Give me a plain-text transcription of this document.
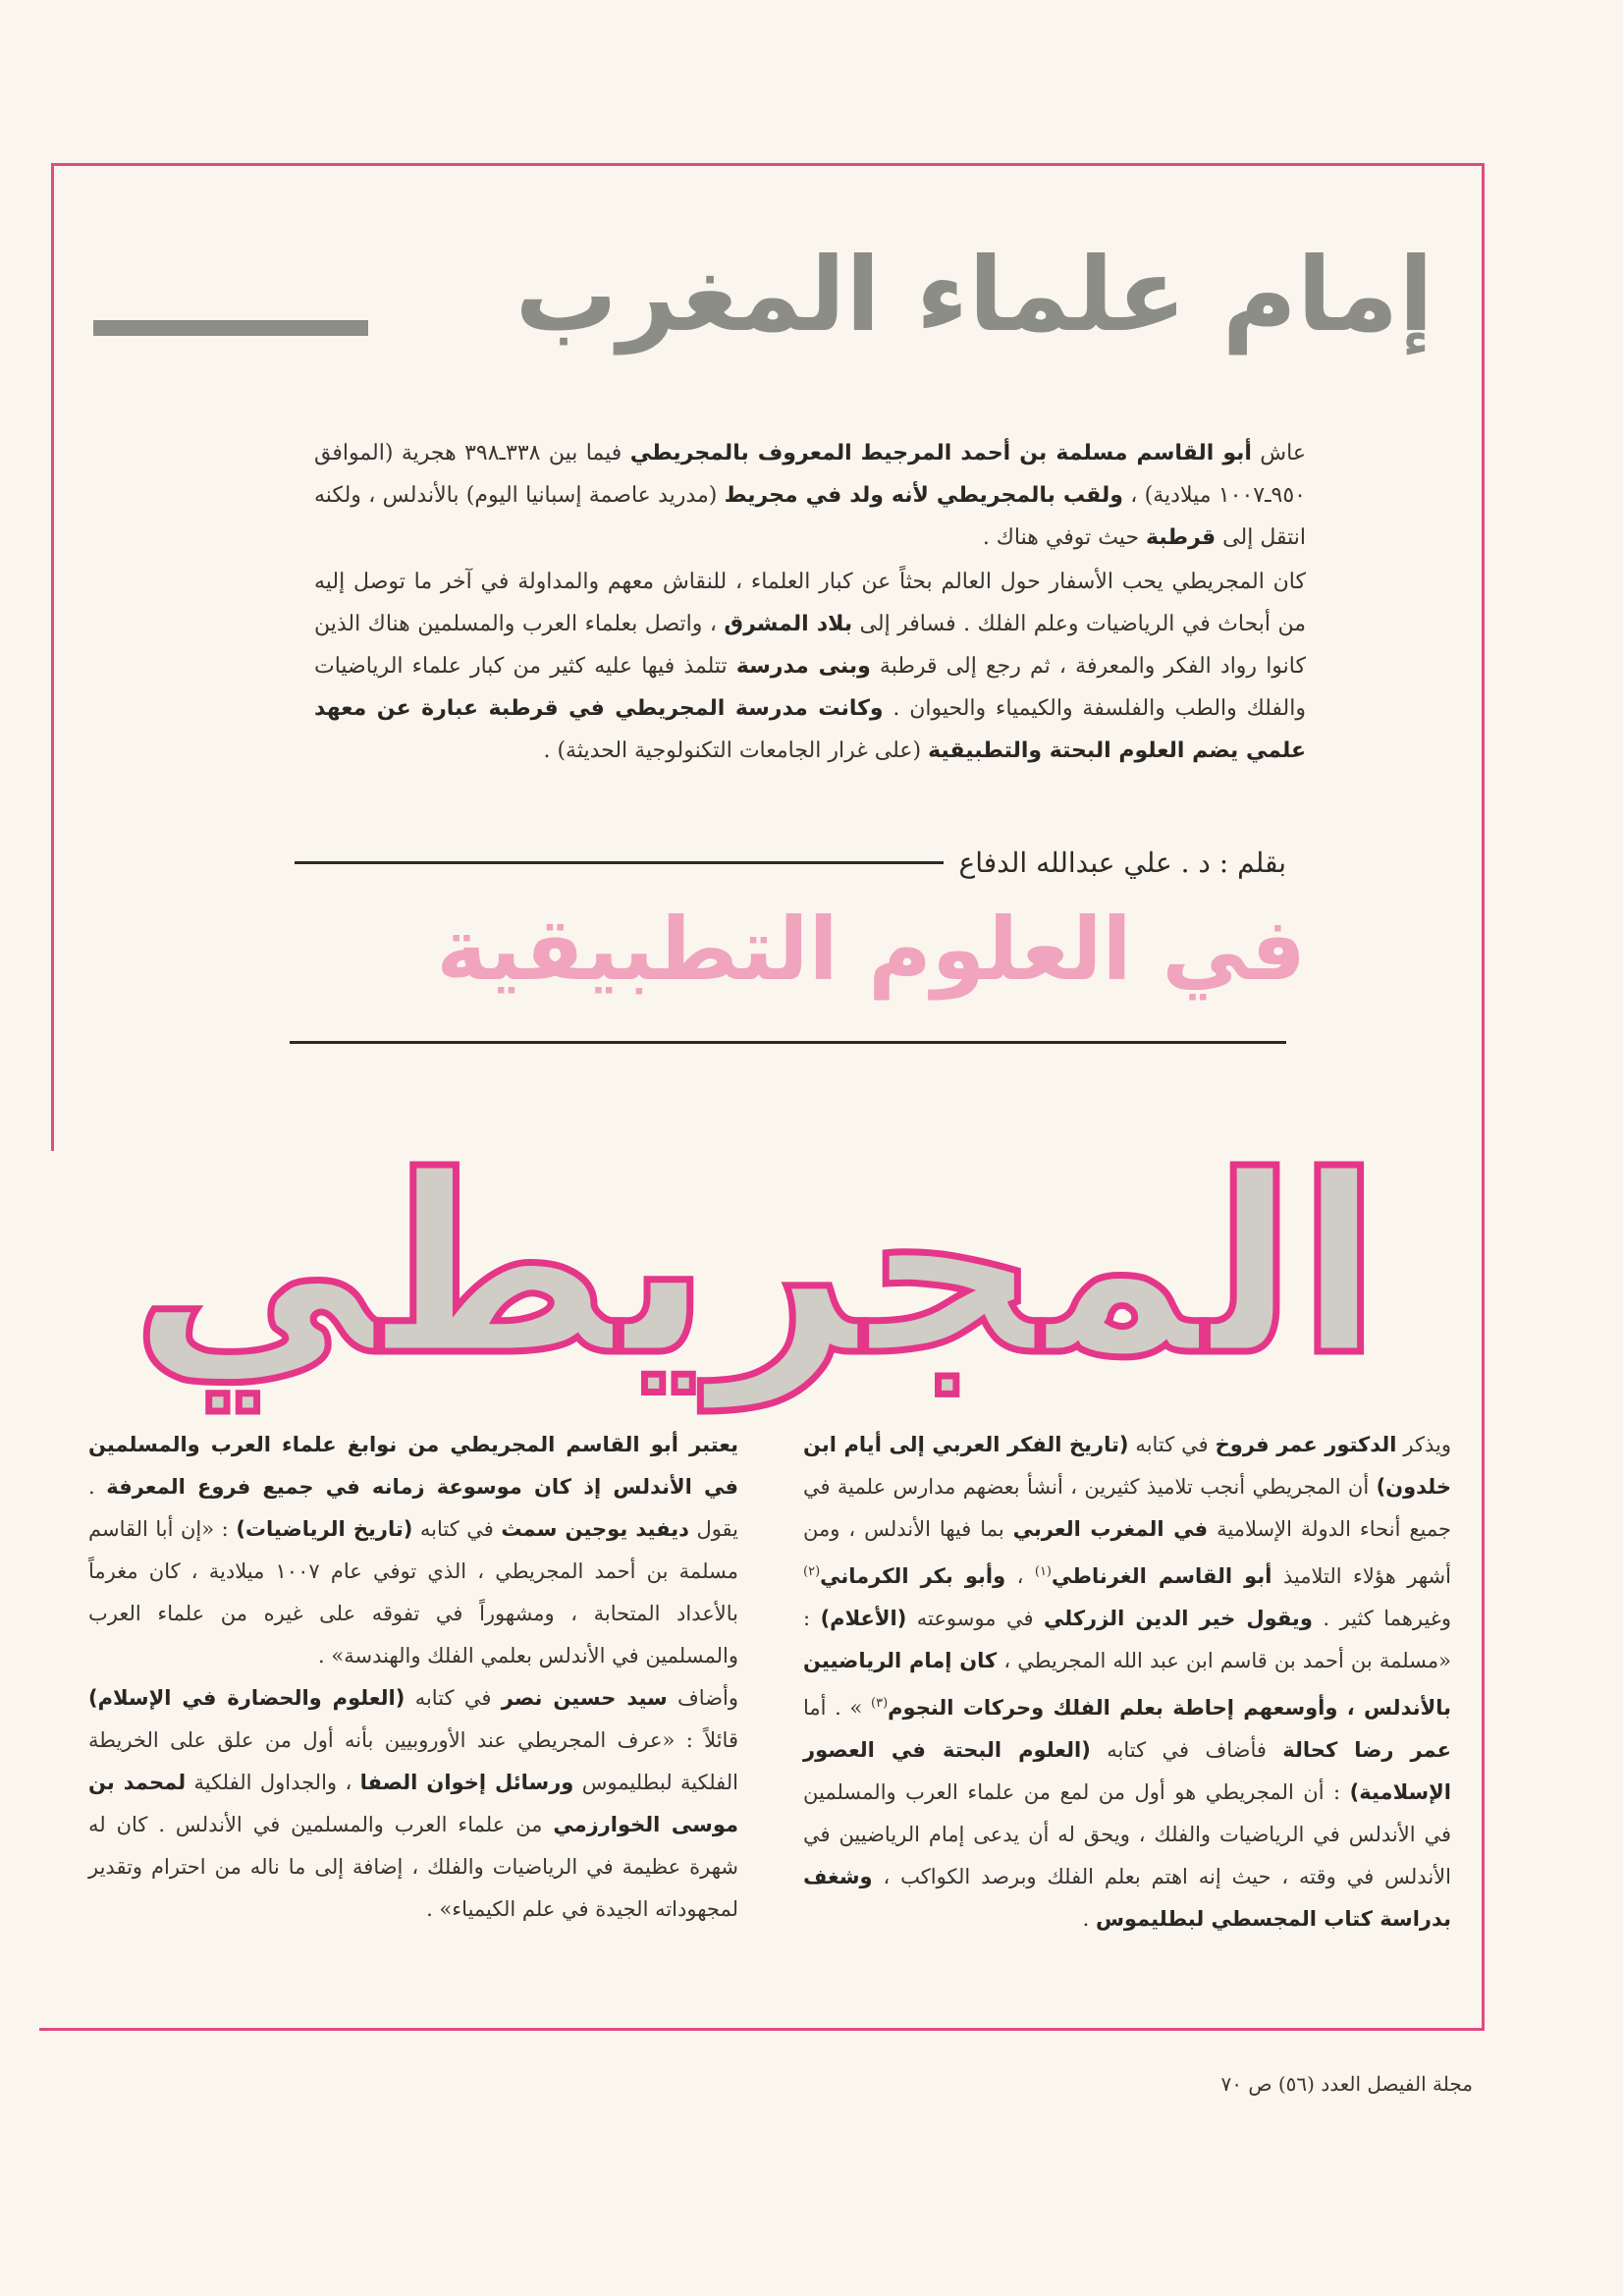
إمام علماء المغرب

عاش أبو القاسم مسلمة بن أحمد المرجيط المعروف بالمجريطي فيما بين ٣٣٨ـ٣٩٨ هجرية (الموافق ٩٥٠ـ١٠٠٧ ميلادية) ، ولقب بالمجريطي لأنه ولد في مجريط (مدريد عاصمة إسبانيا اليوم) بالأندلس ، ولكنه انتقل إلى قرطبة حيث توفي هناك .

كان المجريطي يحب الأسفار حول العالم بحثاً عن كبار العلماء ، للنقاش معهم والمداولة في آخر ما توصل إليه من أبحاث في الرياضيات وعلم الفلك . فسافر إلى بلاد المشرق ، واتصل بعلماء العرب والمسلمين هناك الذين كانوا رواد الفكر والمعرفة ، ثم رجع إلى قرطبة وبنى مدرسة تتلمذ فيها عليه كثير من كبار علماء الرياضيات والفلك والطب والفلسفة والكيمياء والحيوان . وكانت مدرسة المجريطي في قرطبة عبارة عن معهد علمي يضم العلوم البحتة والتطبيقية (على غرار الجامعات التكنولوجية الحديثة) .

بقلم : د . علي عبدالله الدفاع
في العلوم التطبيقية
المجريطي

ويذكر الدكتور عمر فروخ في كتابه (تاريخ الفكر العربي إلى أيام ابن خلدون) أن المجريطي أنجب تلاميذ كثيرين ، أنشأ بعضهم مدارس علمية في جميع أنحاء الدولة الإسلامية في المغرب العربي بما فيها الأندلس ، ومن أشهر هؤلاء التلاميذ أبو القاسم الغرناطي$^{(١)}$ ، وأبو بكر الكرماني$^{(٢)}$ وغيرهما كثير . ويقول خير الدين الزركلي في موسوعته (الأعلام) : «مسلمة بن أحمد بن قاسم ابن عبد الله المجريطي ، كان إمام الرياضيين بالأندلس ، وأوسعهم إحاطة بعلم الفلك وحركات النجوم$^{(٣)}$ » . أما عمر رضا كحالة فأضاف في كتابه (العلوم البحتة في العصور الإسلامية) : أن المجريطي هو أول من لمع من علماء العرب والمسلمين في الأندلس في الرياضيات والفلك ، ويحق له أن يدعى إمام الرياضيين في الأندلس في وقته ، حيث إنه اهتم بعلم الفلك وبرصد الكواكب ، وشغف بدراسة كتاب المجسطي لبطليموس .

يعتبر أبو القاسم المجريطي من نوابغ علماء العرب والمسلمين في الأندلس إذ كان موسوعة زمانه في جميع فروع المعرفة . يقول ديفيد يوجين سمث في كتابه (تاريخ الرياضيات) : «إن أبا القاسم مسلمة بن أحمد المجريطي ، الذي توفي عام ١٠٠٧ ميلادية ، كان مغرماً بالأعداد المتحابة ، ومشهوراً في تفوقه على غيره من علماء العرب والمسلمين في الأندلس بعلمي الفلك والهندسة» .

وأضاف سيد حسين نصر في كتابه (العلوم والحضارة في الإسلام) قائلاً : «عرف المجريطي عند الأوروبيين بأنه أول من علق على الخريطة الفلكية لبطليموس ورسائل إخوان الصفا ، والجداول الفلكية لمحمد بن موسى الخوارزمي من علماء العرب والمسلمين في الأندلس . كان له شهرة عظيمة في الرياضيات والفلك ، إضافة إلى ما ناله من احترام وتقدير لمجهوداته الجيدة في علم الكيمياء» .

مجلة الفيصل العدد (٥٦) ص ٧٠
